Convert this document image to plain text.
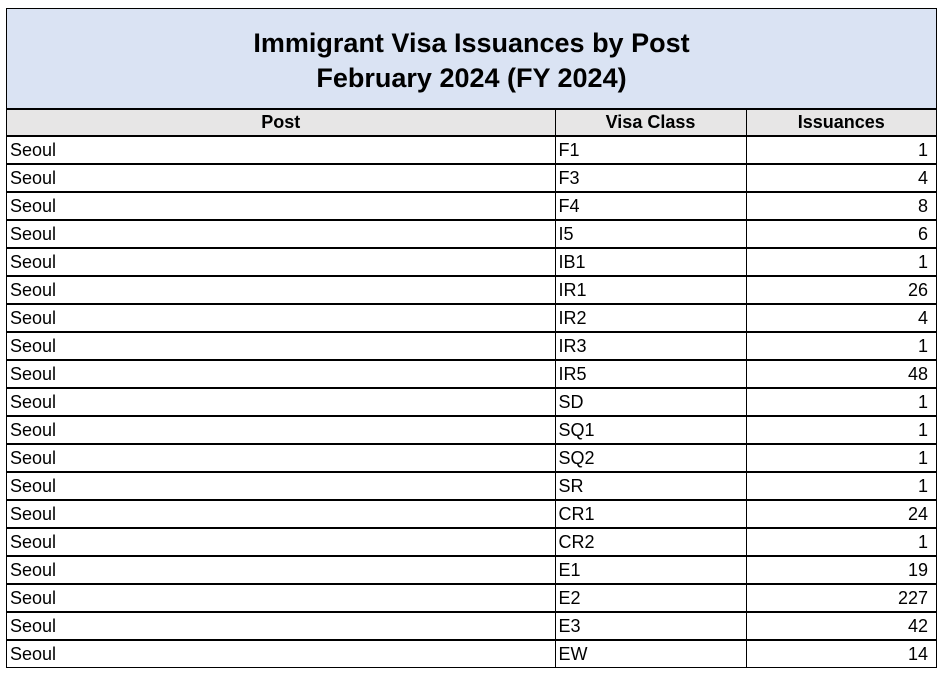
Immigrant Visa Issuances by Post
February 2024 (FY 2024)
Post	Visa Class	Issuances
Seoul	F1	1
Seoul	F3	4
Seoul	F4	8
Seoul	I5	6
Seoul	IB1	1
Seoul	IR1	26
Seoul	IR2	4
Seoul	IR3	1
Seoul	IR5	48
Seoul	SD	1
Seoul	SQ1	1
Seoul	SQ2	1
Seoul	SR	1
Seoul	CR1	24
Seoul	CR2	1
Seoul	E1	19
Seoul	E2	227
Seoul	E3	42
Seoul	EW	14
